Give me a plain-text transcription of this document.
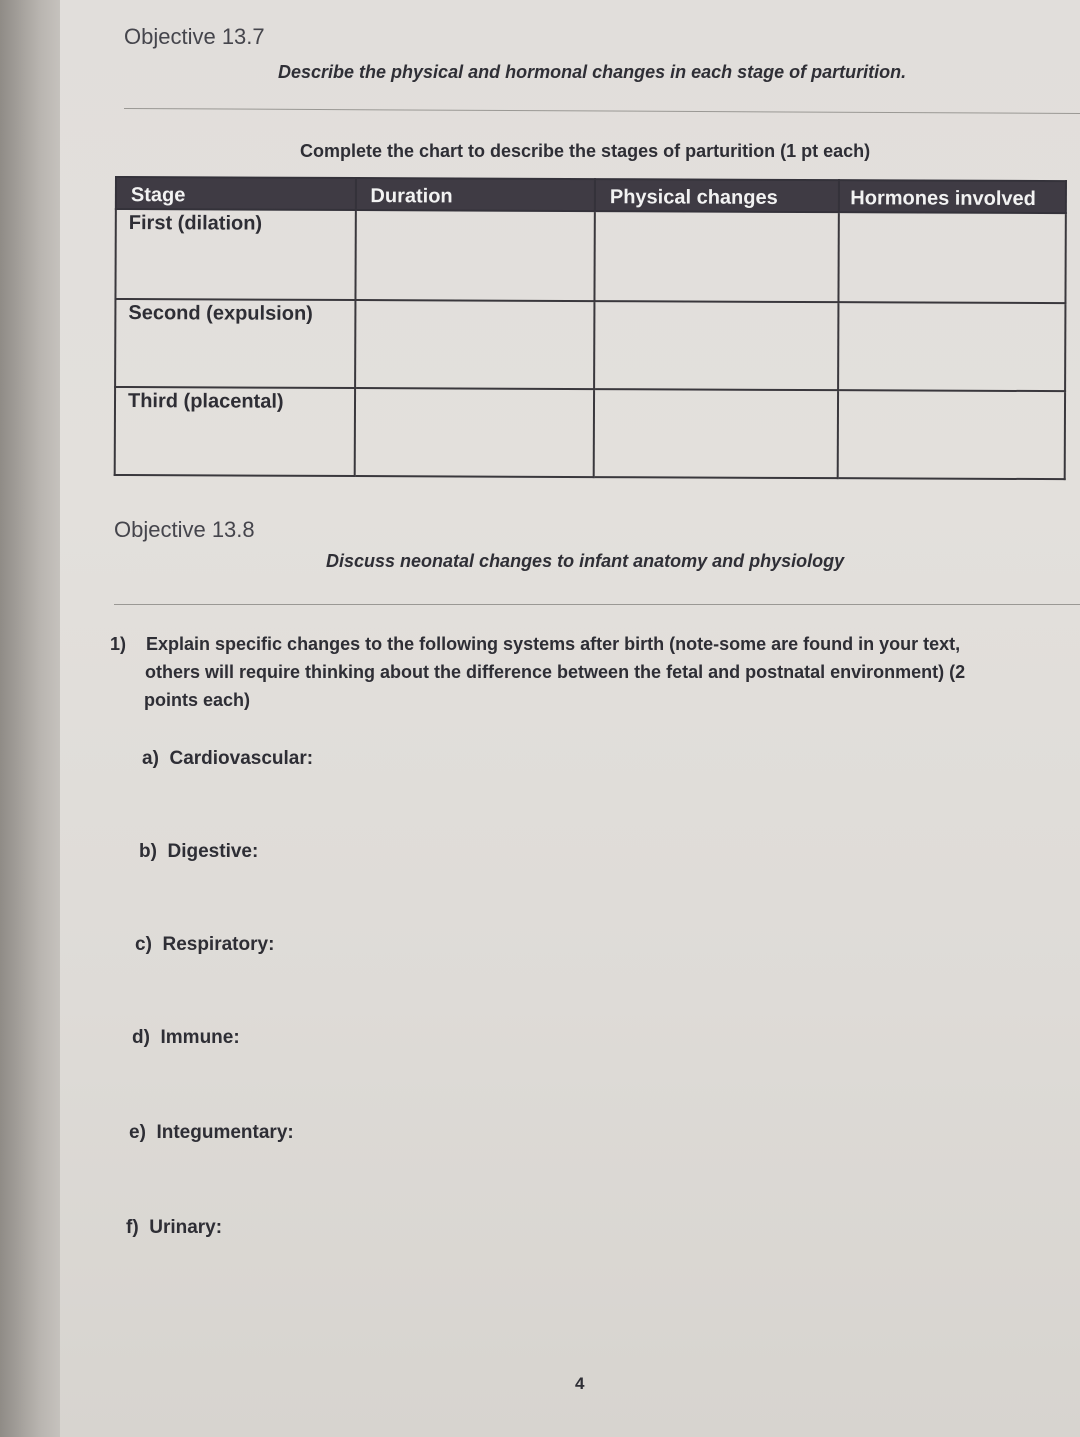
Objective 13.7
Describe the physical and hormonal changes in each stage of parturition.
Complete the chart to describe the stages of parturition (1 pt each)
Stage	Duration	Physical changes	Hormones involved
First (dilation)			
Second (expulsion)			
Third (placental)			
Objective 13.8
Discuss neonatal changes to infant anatomy and physiology
1) Explain specific changes to the following systems after birth (note-some are found in your text,
others will require thinking about the difference between the fetal and postnatal environment) (2
points each)
a) Cardiovascular:
b) Digestive:
c) Respiratory:
d) Immune:
e) Integumentary:
f) Urinary:
4
